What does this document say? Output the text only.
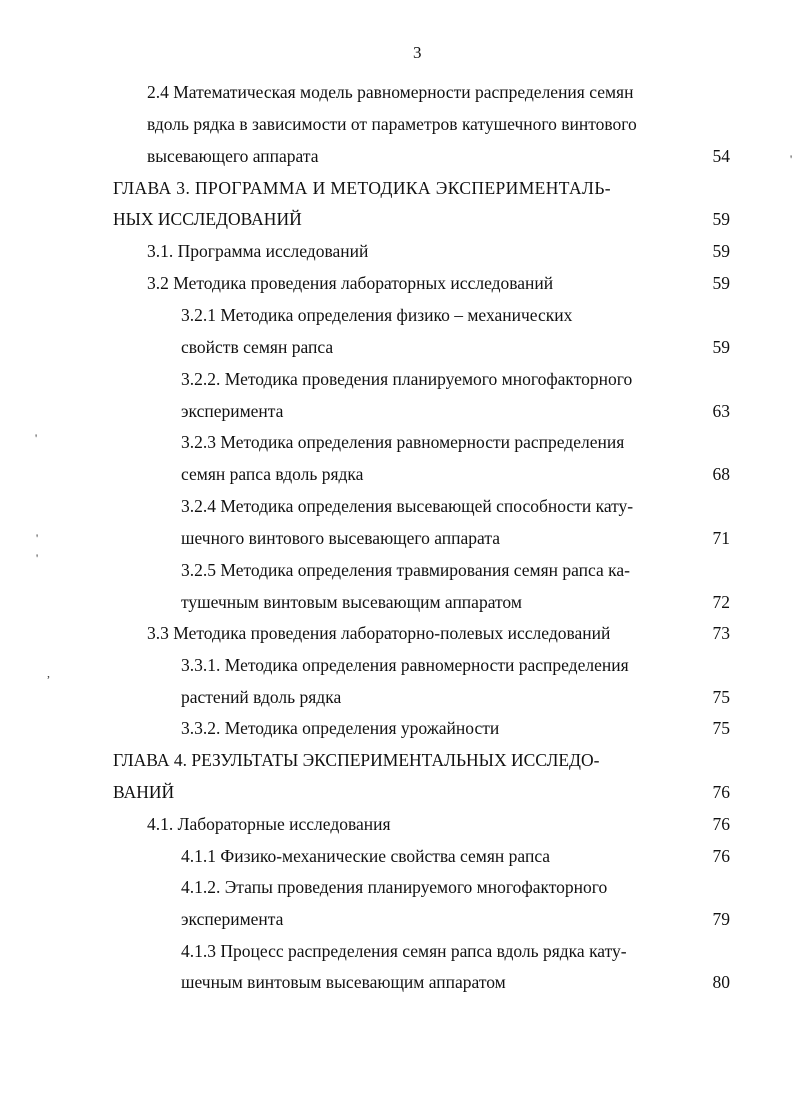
3
2.4 Математическая модель равномерности распределения семян
вдоль рядка в зависимости от параметров катушечного винтового
высевающего аппарата	54
ГЛАВА 3. ПРОГРАММА И МЕТОДИКА ЭКСПЕРИМЕНТАЛЬ-
НЫХ ИССЛЕДОВАНИЙ	59
3.1. Программа исследований	59
3.2 Методика проведения лабораторных исследований	59
3.2.1 Методика определения физико – механических
свойств семян рапса	59
3.2.2. Методика проведения планируемого многофакторного
эксперимента	63
3.2.3 Методика определения равномерности распределения
семян рапса вдоль рядка	68
3.2.4 Методика определения высевающей способности кату-
шечного винтового высевающего аппарата	71
3.2.5 Методика определения травмирования семян рапса ка-
тушечным винтовым высевающим аппаратом	72
3.3 Методика проведения лабораторно-полевых исследований	73
3.3.1. Методика определения равномерности распределения
растений вдоль рядка	75
3.3.2. Методика определения урожайности	75
ГЛАВА 4. РЕЗУЛЬТАТЫ ЭКСПЕРИМЕНТАЛЬНЫХ ИССЛЕДО-
ВАНИЙ	76
4.1. Лабораторные исследования	76
4.1.1 Физико-механические свойства семян рапса	76
4.1.2. Этапы проведения планируемого многофакторного
эксперимента	79
4.1.3 Процесс распределения семян рапса вдоль рядка кату-
шечным винтовым высевающим аппаратом	80
'
'
'
'
,
